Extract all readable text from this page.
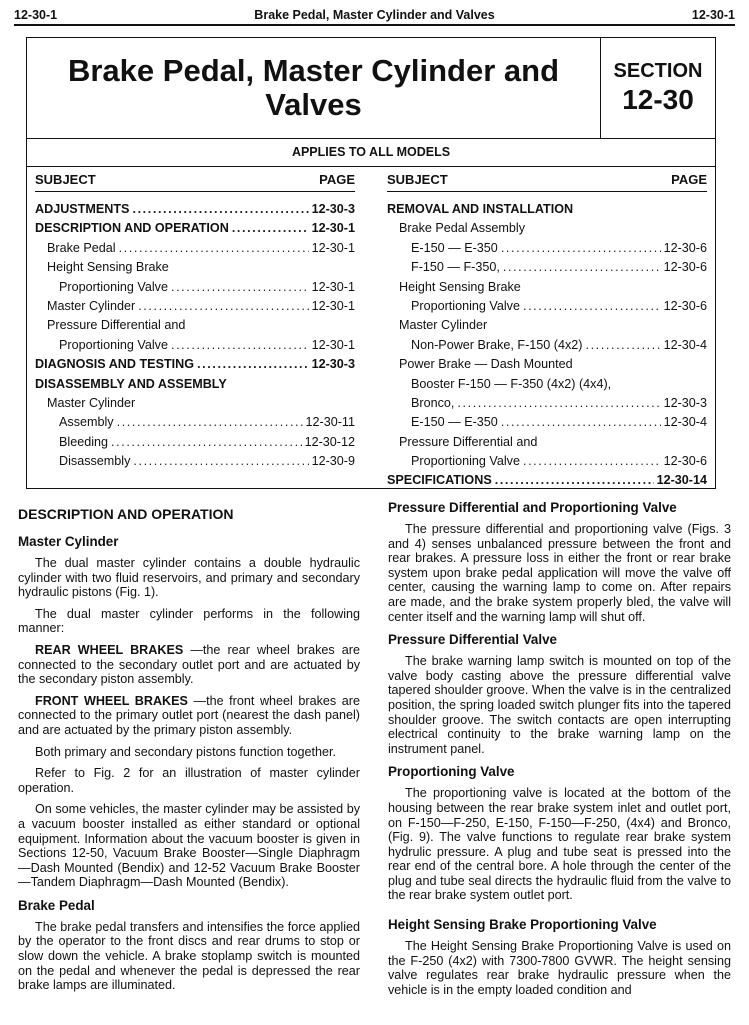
12-30-1	Brake Pedal, Master Cylinder and Valves	12-30-1
Brake Pedal, Master Cylinder and Valves
SECTION
12-30
APPLIES TO ALL MODELS
SUBJECT	PAGE
ADJUSTMENTS .....	12-30-3
DESCRIPTION AND OPERATION .....	12-30-1
Brake Pedal .....	12-30-1
Height Sensing Brake
Proportioning Valve .....	12-30-1
Master Cylinder .....	12-30-1
Pressure Differential and
Proportioning Valve .....	12-30-1
DIAGNOSIS AND TESTING .....	12-30-3
DISASSEMBLY AND ASSEMBLY
Master Cylinder
Assembly .....	12-30-11
Bleeding .....	12-30-12
Disassembly .....	12-30-9
SUBJECT	PAGE
REMOVAL AND INSTALLATION
Brake Pedal Assembly
E-150 — E-350 .....	12-30-6
F-150 — F-350, .....	12-30-6
Height Sensing Brake
Proportioning Valve .....	12-30-6
Master Cylinder
Non-Power Brake, F-150 (4x2) .....	12-30-4
Power Brake — Dash Mounted
Booster F-150 — F-350 (4x2) (4x4),
Bronco, .....	12-30-3
E-150 — E-350 .....	12-30-4
Pressure Differential and
Proportioning Valve .....	12-30-6
SPECIFICATIONS .....	12-30-14
DESCRIPTION AND OPERATION
Master Cylinder

The dual master cylinder contains a double hydraulic cylinder with two fluid reservoirs, and primary and secondary hydraulic pistons (Fig. 1).

The dual master cylinder performs in the following manner:

REAR WHEEL BRAKES —the rear wheel brakes are connected to the secondary outlet port and are actuated by the secondary piston assembly.

FRONT WHEEL BRAKES —the front wheel brakes are connected to the primary outlet port (nearest the dash panel) and are actuated by the primary piston assembly.

Both primary and secondary pistons function together.

Refer to Fig. 2 for an illustration of master cylinder operation.

On some vehicles, the master cylinder may be assisted by a vacuum booster installed as either standard or optional equipment. Information about the vacuum booster is given in Sections 12-50, Vacuum Brake Booster—Single Diaphragm—Dash Mounted (Bendix) and 12-52 Vacuum Brake Booster—Tandem Diaphragm—Dash Mounted (Bendix).

Brake Pedal

The brake pedal transfers and intensifies the force applied by the operator to the front discs and rear drums to stop or slow down the vehicle. A brake stoplamp switch is mounted on the pedal and whenever the pedal is depressed the rear brake lamps are illuminated.

Pressure Differential and Proportioning Valve

The pressure differential and proportioning valve (Figs. 3 and 4) senses unbalanced pressure between the front and rear brakes. A pressure loss in either the front or rear brake system upon brake pedal application will move the valve off center, causing the warning lamp to come on. After repairs are made, and the brake system properly bled, the valve will center itself and the warning lamp will shut off.

Pressure Differential Valve

The brake warning lamp switch is mounted on top of the valve body casting above the pressure differential valve tapered shoulder groove. When the valve is in the centralized position, the spring loaded switch plunger fits into the tapered shoulder groove. The switch contacts are open interrupting electrical continuity to the brake warning lamp on the instrument panel.

Proportioning Valve

The proportioning valve is located at the bottom of the housing between the rear brake system inlet and outlet port, on F-150—F-250, E-150, F-150—F-250, (4x4) and Bronco, (Fig. 9). The valve functions to regulate rear brake system hydrulic pressure. A plug and tube seat is pressed into the rear end of the central bore. A hole through the center of the plug and tube seal directs the hydraulic fluid from the valve to the rear brake system outlet port.

Height Sensing Brake Proportioning Valve

The Height Sensing Brake Proportioning Valve is used on the F-250 (4x2) with 7300-7800 GVWR. The height sensing valve regulates rear brake hydraulic pressure when the vehicle is in the empty loaded condition and
